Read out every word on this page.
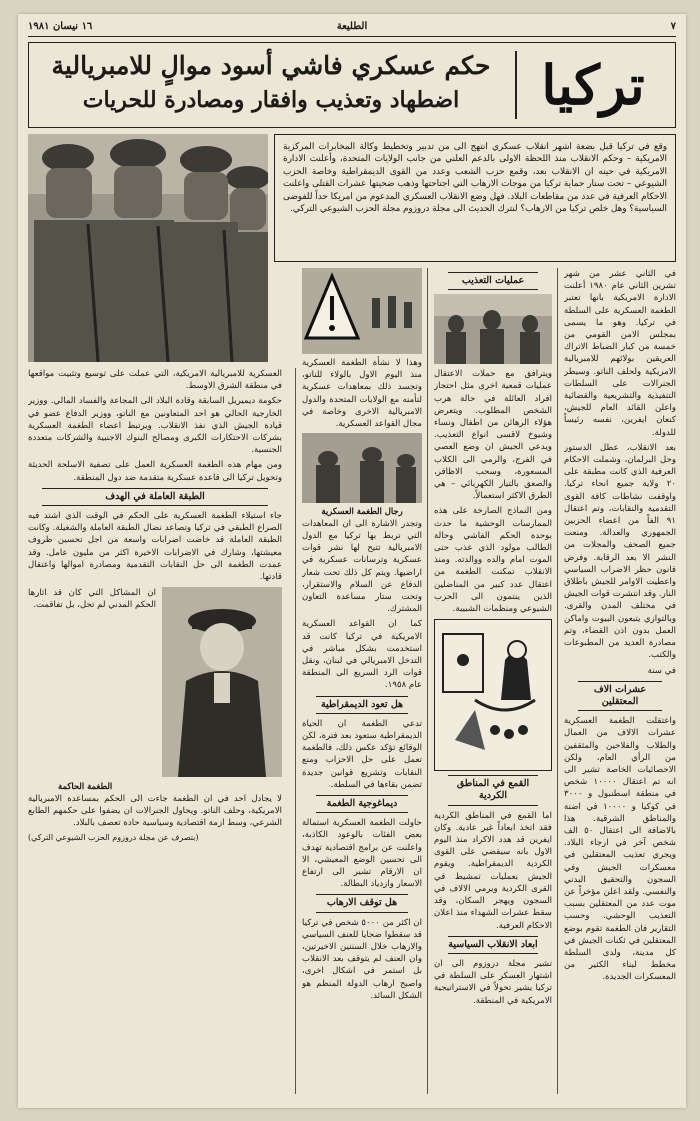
٧
الطليعة
١٦ نيسان ١٩٨١
تركيا
حكم عسكري فاشي أسود موالٍ للامبريالية
اضطهاد وتعذيب وافقار ومصادرة للحريات
وقع في تركيا قبل بضعة اشهر انقلاب عسكري انتهج الى من تدبير وتخطيط وكالة المخابرات المركزية الامريكية – وحكم الانقلاب منذ اللحظة الاولى بالدعم العلني من جانب الولايات المتحدة، وأعلنت الادارة الامريكية في حينه ان الانقلاب بعد، وقمع حزب الشعب وعدد من القوى الديمقراطية وخاصة الحزب الشيوعي – تحت ستار حماية تركيا من موجات الارهاب التي اجتاحتها وذهب ضحيتها عشرات القتلى واعلنت الاحكام العرفية في عدد من مقاطعات البلاد. فهل وضع الانقلاب العسكري المدعوم من امريكا حداً للفوضى السياسية؟ وهل خلص تركيا من الارهاب؟ لنترك الحديث الى مجلة دروزوم مجلة الحزب الشيوعي التركي.

في الثاني عشر من شهر تشرين الثاني عام ١٩٨٠ أعلنت الادارة الامريكية بانها تعتبر الطغمة العسكرية على السلطة في تركيا. وهو ما يسمى بمجلس الامن القومي من خمسة من كبار الضباط الاتراك العريقين بولائهم للامبريالية الامريكية ولحلف الناتو. وسيطر الجنرالات على السلطات التنفيذية والتشريعية والقضائية واعلن القائد العام للجيش، كنعان ايفرين، نفسه رئيساً للدولة.

بعد الانقلاب، عطل الدستور وحل البرلمان، وشملت الاحكام العرفية الذي كانت مطبقة على ٢٠ ولاية جميع انحاء تركيا. واوقفت نشاطات كافة القوى التقدمية والنقابات، وتم اعتقال ٩١ الفاً من اعضاء الحزبين الجمهوري والعدالة. ومنعت جميع الصحف والمجلات من النشر الا بعد الرقابة. وفرض قانون حظر الاضراب السياسي واعطيت الاوامر للجيش باطلاق النار. وقد انتشرت قوات الجيش في مختلف المدن والقرى. وبالتوازي يتبعون البيوت واماكن العمل بدون اذن القضاء، وتم مصادرة العديد من المطبوعات والكتب.

في سنة

عشرات الاف المعتقلين

واعتقلت الطغمة العسكرية عشرات الالاف من العمال والطلاب والفلاحين والمثقفين من الرأي العام، ولكن الاحصائيات الخاصة تشير الى انه تم اعتقال ١٠٠٠٠ شخص في منطقة اسطنبول و ٣٠٠٠ في كوكيا و ١٠٠٠٠ في اضنة والمناطق الشرقية. هذا بالاضافة الى اعتقال ٥٠ الف شخص آخر في ارجاء البلاد. ويجري تعذيب المعتقلين في معسكرات الجيش وفي السجون والتحقيق البدني والنفسي. ولقد اعلن مؤخراً عن موت عدد من المعتقلين بسبب التعذيب الوحشي. وحسب التقارير فان الطغمة تقوم بوضع المعتقلين في ثكنات الجيش في كل مدينة، ولدى السلطة مخطط لبناء الكثير من المعسكرات الجديدة.

عمليات التعذيب

ويترافق مع حملات الاعتقال عمليات قمعية اخرى مثل احتجاز افراد العائلة في حالة هرب الشخص المطلوب. ويتعرض هؤلاء الرهائن من اطفال ونساء وشيوخ لاقسى انواع التعذيب. ويدعي الجيش ان وضع العصي في الفرج، والرمي الى الكلاب المسعورة، وسحب الاظافر، والصعق بالتيار الكهربائي – هي الطرق الاكثر استعمالاً.

ومن النماذج الصارخة على هذه الممارسات الوحشية ما حدث بوحدة الحكم الفاشي وحالة الطالب مولود الذي عذب حتى الموت امام والده ووالدته. ومنذ الانقلاب تمكنت الطغمة من اعتقال عدد كبير من المناضلين الذين ينتمون الى الحزب الشيوعي ومنظمات الشبيبة.

القمع في المناطق الكردية

اما القمع في المناطق الكردية فقد اتخذ ابعاداً غير عادية. وكان ايفرين قد هدد الاكراد منذ اليوم الاول بانه سيقضي على القوى الكردية الديمقراطية. ويقوم الجيش بعمليات تمشيط في القرى الكردية ويرمي الالاف في السجون ويهجر السكان، وقد سقط عشرات الشهداء منذ اعلان الاحكام العرفية.

ابعاد الانقلاب السياسية

تشير مجلة دروزوم الى ان اشتهار العسكر على السلطة في تركيا يشير تحولاً في الاستراتيجية الامريكية في المنطقة.

وهذا لا نشأة الطغمة العسكرية منذ اليوم الاول بالولاء للناتو، وتجسد ذلك بمعاهدات عسكرية لتأمنه مع الولايات المتحدة والدول الامبريالية الاخرى وخاصة في مجال القواعد العسكرية.

رجال الطغمة العسكرية

وتجدر الاشارة الى ان المعاهدات التي تربط بها تركيا مع الدول الامبريالية تتيح لها نشر قوات عسكرية وترسانات عسكرية في اراضيها. ويتم كل ذلك تحت شعار الدفاع عن السلام والاستقرار، وتحت ستار مساعدة التعاون المشترك.

كما ان القواعد العسكرية الامريكية في تركيا كانت قد استخدمت بشكل مباشر في التدخل الامبريالي في لبنان، ونقل قوات الرد السريع الى المنطقة عام ١٩٥٨.

هل تعود الديمقراطية

تدعي الطغمة ان الحياة الديمقراطية ستعود بعد فترة، لكن الوقائع تؤكد عكس ذلك، فالطغمة تعمل على حل الاحزاب ومنع النقابات وتشريع قوانين جديدة تضمن بقاءها في السلطة.

ديماغوجية الطغمة

حاولت الطغمة العسكرية استمالة بعض الفئات بالوعود الكاذبة، واعلنت عن برامج اقتصادية تهدف الى تحسين الوضع المعيشي، الا ان الارقام تشير الى ارتفاع الاسعار وازدياد البطالة.

هل توقف الارهاب

ان اكثر من ٥٠٠٠ شخص في تركيا قد سقطوا ضحايا للعنف السياسي والارهاب خلال السنتين الاخيرتين، وان العنف لم يتوقف بعد الانقلاب بل استمر في اشكال اخرى، واصبح ارهاب الدولة المنظم هو الشكل السائد.

العسكرية للامبريالية الامريكية، التي عملت على توسيع وتثبيت مواقعها في منطقة الشرق الاوسط.

حكومة ديميريل السابقة وقادة البلاد الى المجاعة والفساد المالي. ووزير الخارجية الحالي هو احد المتعاونين مع الناتو، ووزير الدفاع عضو في قيادة الجيش الذي نفذ الانقلاب. ويرتبط اعضاء الطغمة العسكرية بشركات الاحتكارات الكبرى ومصالح البنوك الاجنبية والشركات متعددة الجنسية.

ومن مهام هذه الطغمة العسكرية العمل على تصفية الاسلحة الحديثة وتحويل تركيا الى قاعدة عسكرية متقدمة ضد دول المنطقة.

الطبقة العاملة في الهدف

جاء استيلاء الطغمة العسكرية على الحكم في الوقت الذي اشتد فيه الصراع الطبقي في تركيا وتصاعد نضال الطبقة العاملة والشغيلة. وكانت الطبقة العاملة قد خاضت اضرابات واسعة من اجل تحسين ظروف معيشتها، وشارك في الاضرابات الاخيرة اكثر من مليون عامل. وقد عمدت الطغمة الى حل النقابات التقدمية ومصادرة اموالها واعتقال قادتها.

ان المشاكل التي كان قد اثارها الحكم المدني لم تحل، بل تفاقمت.

الطغمة الحاكمة

لا يجادل احد في ان الطغمة جاءت الى الحكم بمساعدة الامبريالية الامريكية، وحلف الناتو. ويحاول الجنرالات ان يضفوا على حكمهم الطابع الشرعي، وسط ازمة اقتصادية وسياسية حادة تعصف بالبلاد.

(بتصرف عن مجلة دروزوم الحزب الشيوعي التركي)
